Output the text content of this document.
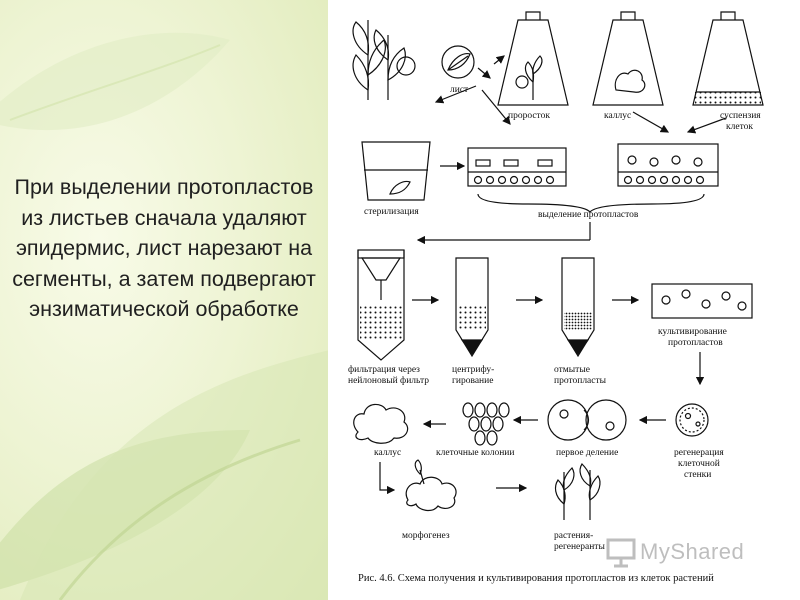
При выделении протопластов из листьев сначала удаляют эпидермис, лист нарезают на сегменты, а затем подвергают энзиматической обработке
лист
проросток	каллус	суспензия
клеток
стерилизация	выделение протопластов
фильтрация через
нейлоновый фильтр
центрифу-
гирование
отмытые
протопласты
культивирование
протопластов
регенерация
клеточной
стенки
первое деление
клеточные колонии
каллус
морфогенез	растения-
регенеранты
Рис. 4.6. Схема получения и культивирования протопластов из клеток растений
MyShared
